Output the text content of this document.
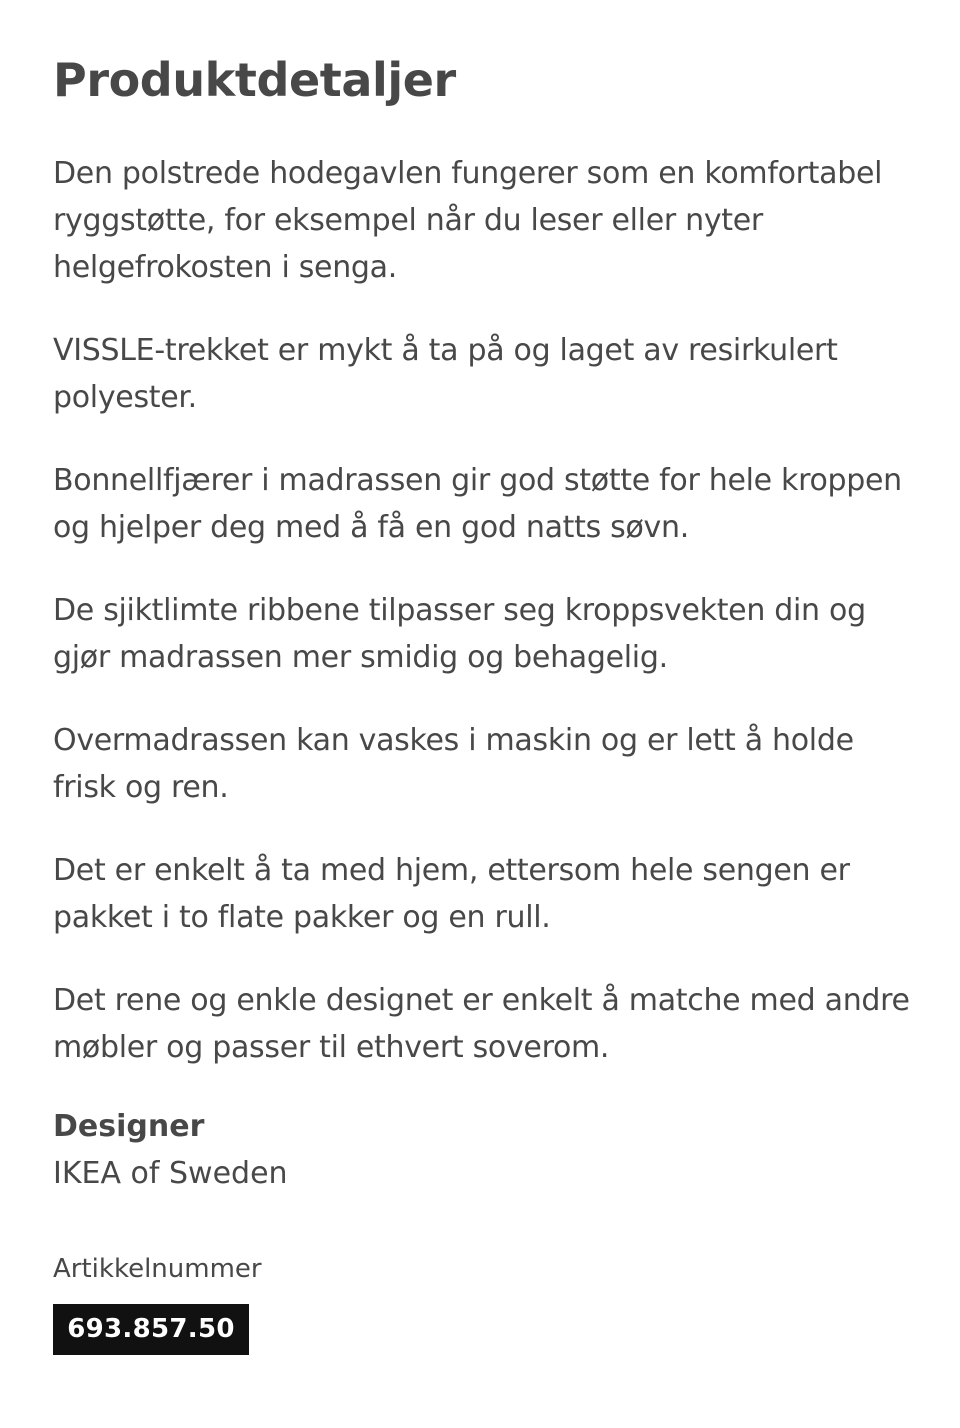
Produktdetaljer

Den polstrede hodegavlen fungerer som en komfortabel ryggstøtte, for eksempel når du leser eller nyter helgefrokosten i senga.

VISSLE-trekket er mykt å ta på og laget av resirkulert polyester.

Bonnellfjærer i madrassen gir god støtte for hele kroppen og hjelper deg med å få en god natts søvn.

De sjiktlimte ribbene tilpasser seg kroppsvekten din og gjør madrassen mer smidig og behagelig.

Overmadrassen kan vaskes i maskin og er lett å holde frisk og ren.

Det er enkelt å ta med hjem, ettersom hele sengen er pakket i to flate pakker og en rull.

Det rene og enkle designet er enkelt å matche med andre møbler og passer til ethvert soverom.

Designer
IKEA of Sweden
Artikkelnummer
693.857.50
